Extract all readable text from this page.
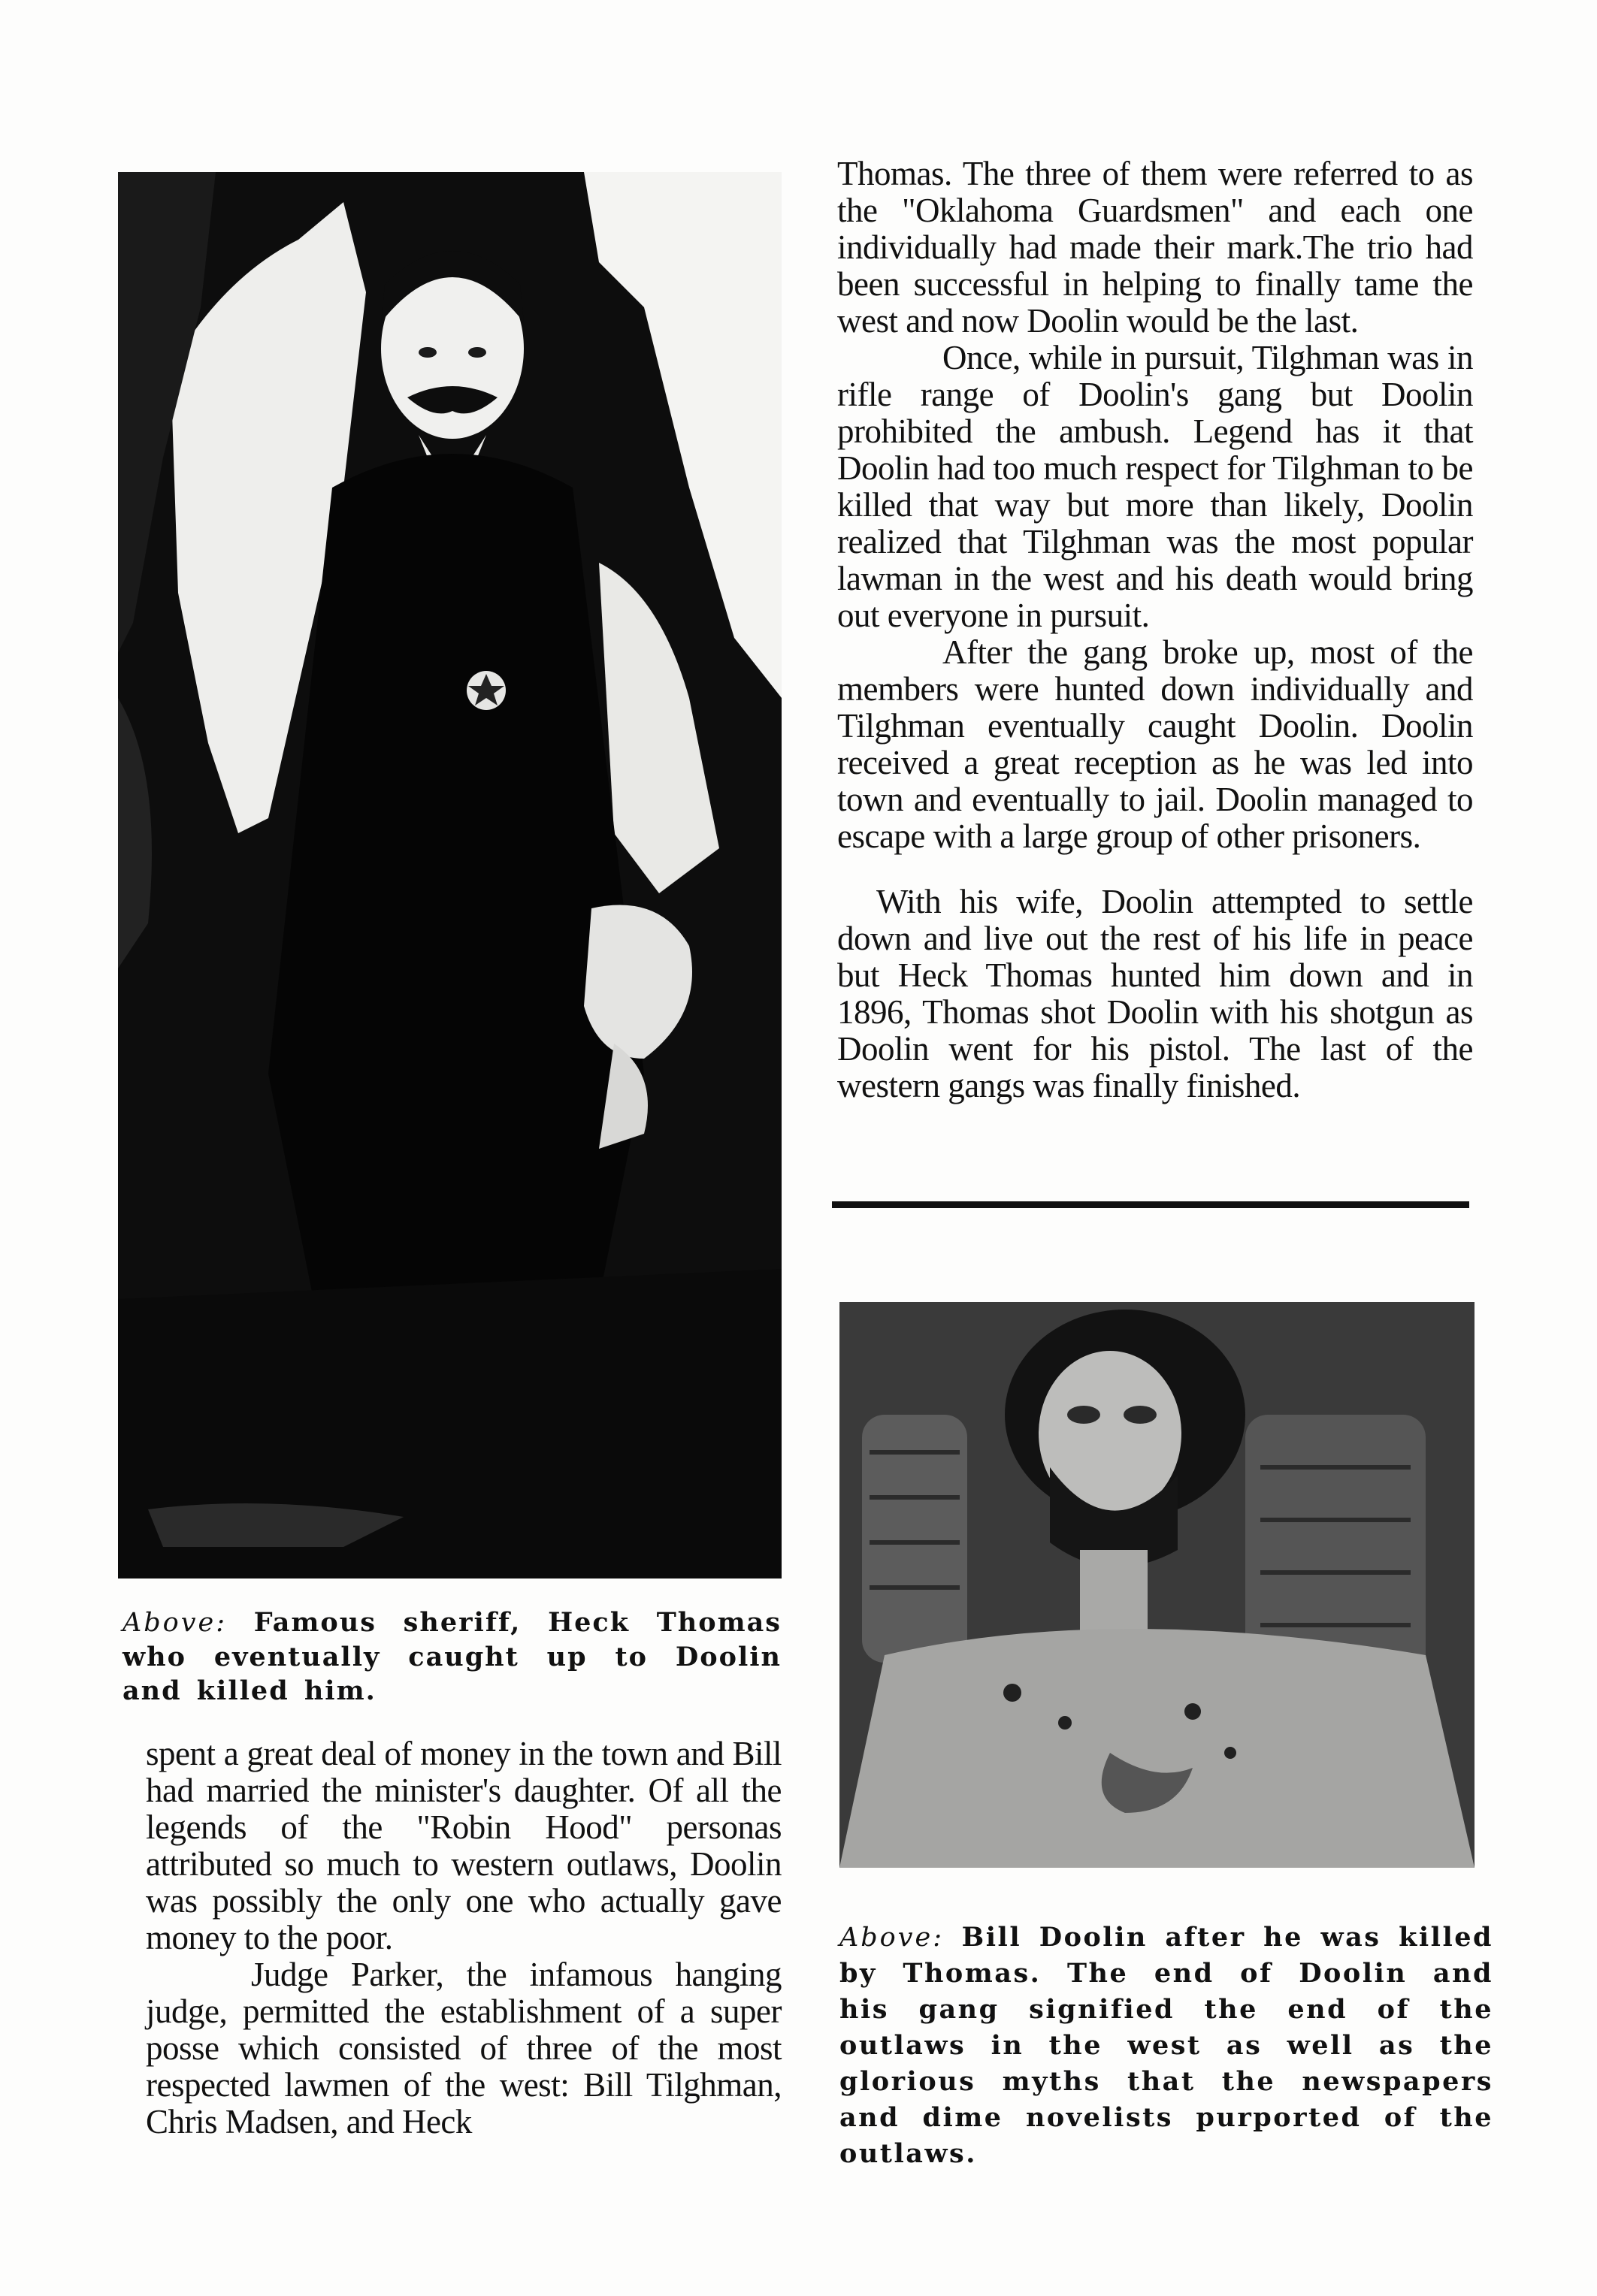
Above: Famous sheriff, Heck Thomas who eventually caught up to Doolin and killed him.

spent a great deal of money in the town and Bill had married the minister's daughter. Of all the legends of the "Robin Hood" personas attributed so much to western outlaws, Doolin was possibly the only one who actually gave money to the poor.

Judge Parker, the infamous hanging judge, permitted the establishment of a super posse which consisted of three of the most respected lawmen of the west: Bill Tilghman, Chris Madsen, and Heck

Thomas. The three of them were referred to as the "Oklahoma Guardsmen" and each one individually had made their mark.The trio had been successful in helping to finally tame the west and now Doolin would be the last.

Once, while in pursuit, Tilghman was in rifle range of Doolin's gang but Doolin prohibited the ambush. Legend has it that Doolin had too much respect for Tilghman to be killed that way but more than likely, Doolin realized that Tilghman was the most popular lawman in the west and his death would bring out everyone in pursuit.

After the gang broke up, most of the members were hunted down individually and Tilghman eventually caught Doolin. Doolin received a great reception as he was led into town and eventually to jail. Doolin managed to escape with a large group of other prisoners.

With his wife, Doolin attempted to settle down and live out the rest of his life in peace but Heck Thomas hunted him down and in 1896, Thomas shot Doolin with his shotgun as Doolin went for his pistol. The last of the western gangs was finally finished.

Above: Bill Doolin after he was killed by Thomas. The end of Doolin and his gang signified the end of the outlaws in the west as well as the glorious myths that the newspapers and dime novelists purported of the outlaws.
